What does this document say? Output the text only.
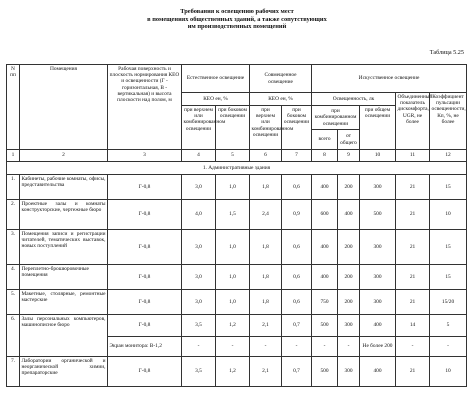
Требования к освещению рабочих мест
в помещениях общественных зданий, а также сопутствующих
им производственных помещений
Таблица 5.25
N пп	Помещения	Рабочая поверхность и плоскость нормирования КЕО и освещенности (Г - горизонтальная, В - вертикальная) и высота плоскости над полом, м	Естественное освещение		Совмещенное освещение		Искусственное освещение				
			КЕО eн, %		КЕО eн, %		Освещенность, лк			Объединенный показатель дискомфорта, UGR, не более	Коэффициент пульсации освещенности, Кп, %, не более
			при верхнем или комбинированном освещении	при боковом освещении	при верхнем или комбинированном освещении	при боковом освещении	при комбинированном освещении		при общем освещении		
							всего	от общего			
1	2	3	4	5	6	7	8	9	10	11	12
1. Административные здания											
1.	Кабинеты, рабочие комнаты, офисы, представительства	Г-0,8	3,0	1,0	1,8	0,6	400	200	300	21	15
2.	Проектные залы и комнаты конструкторские, чертежные бюро	Г-0,8	4,0	1,5	2,4	0,9	600	400	500	21	10
3.	Помещения записи и регистрации читателей, тематических выставок, новых поступлений	Г-0,8	3,0	1,0	1,8	0,6	400	200	300	21	15
4.	Переплетно-брошюровочные помещения	Г-0,8	3,0	1,0	1,8	0,6	400	200	300	21	15
5.	Макетные, столярные, ремонтные мастерские	Г-0,8	3,0	1,0	1,8	0,6	750	200	300	21	15/20
6.	Залы персональных компьютеров, машинописное бюро	Г-0,8	3,5	1,2	2,1	0,7	500	300	400	14	5
		Экран монитора: В-1,2	-	-	-	-	-	-	Не более 200	-	-
7.	Лаборатории органической и неорганической химии, препараторские	Г-0,8	3,5	1,2	2,1	0,7	500	300	400	21	10
